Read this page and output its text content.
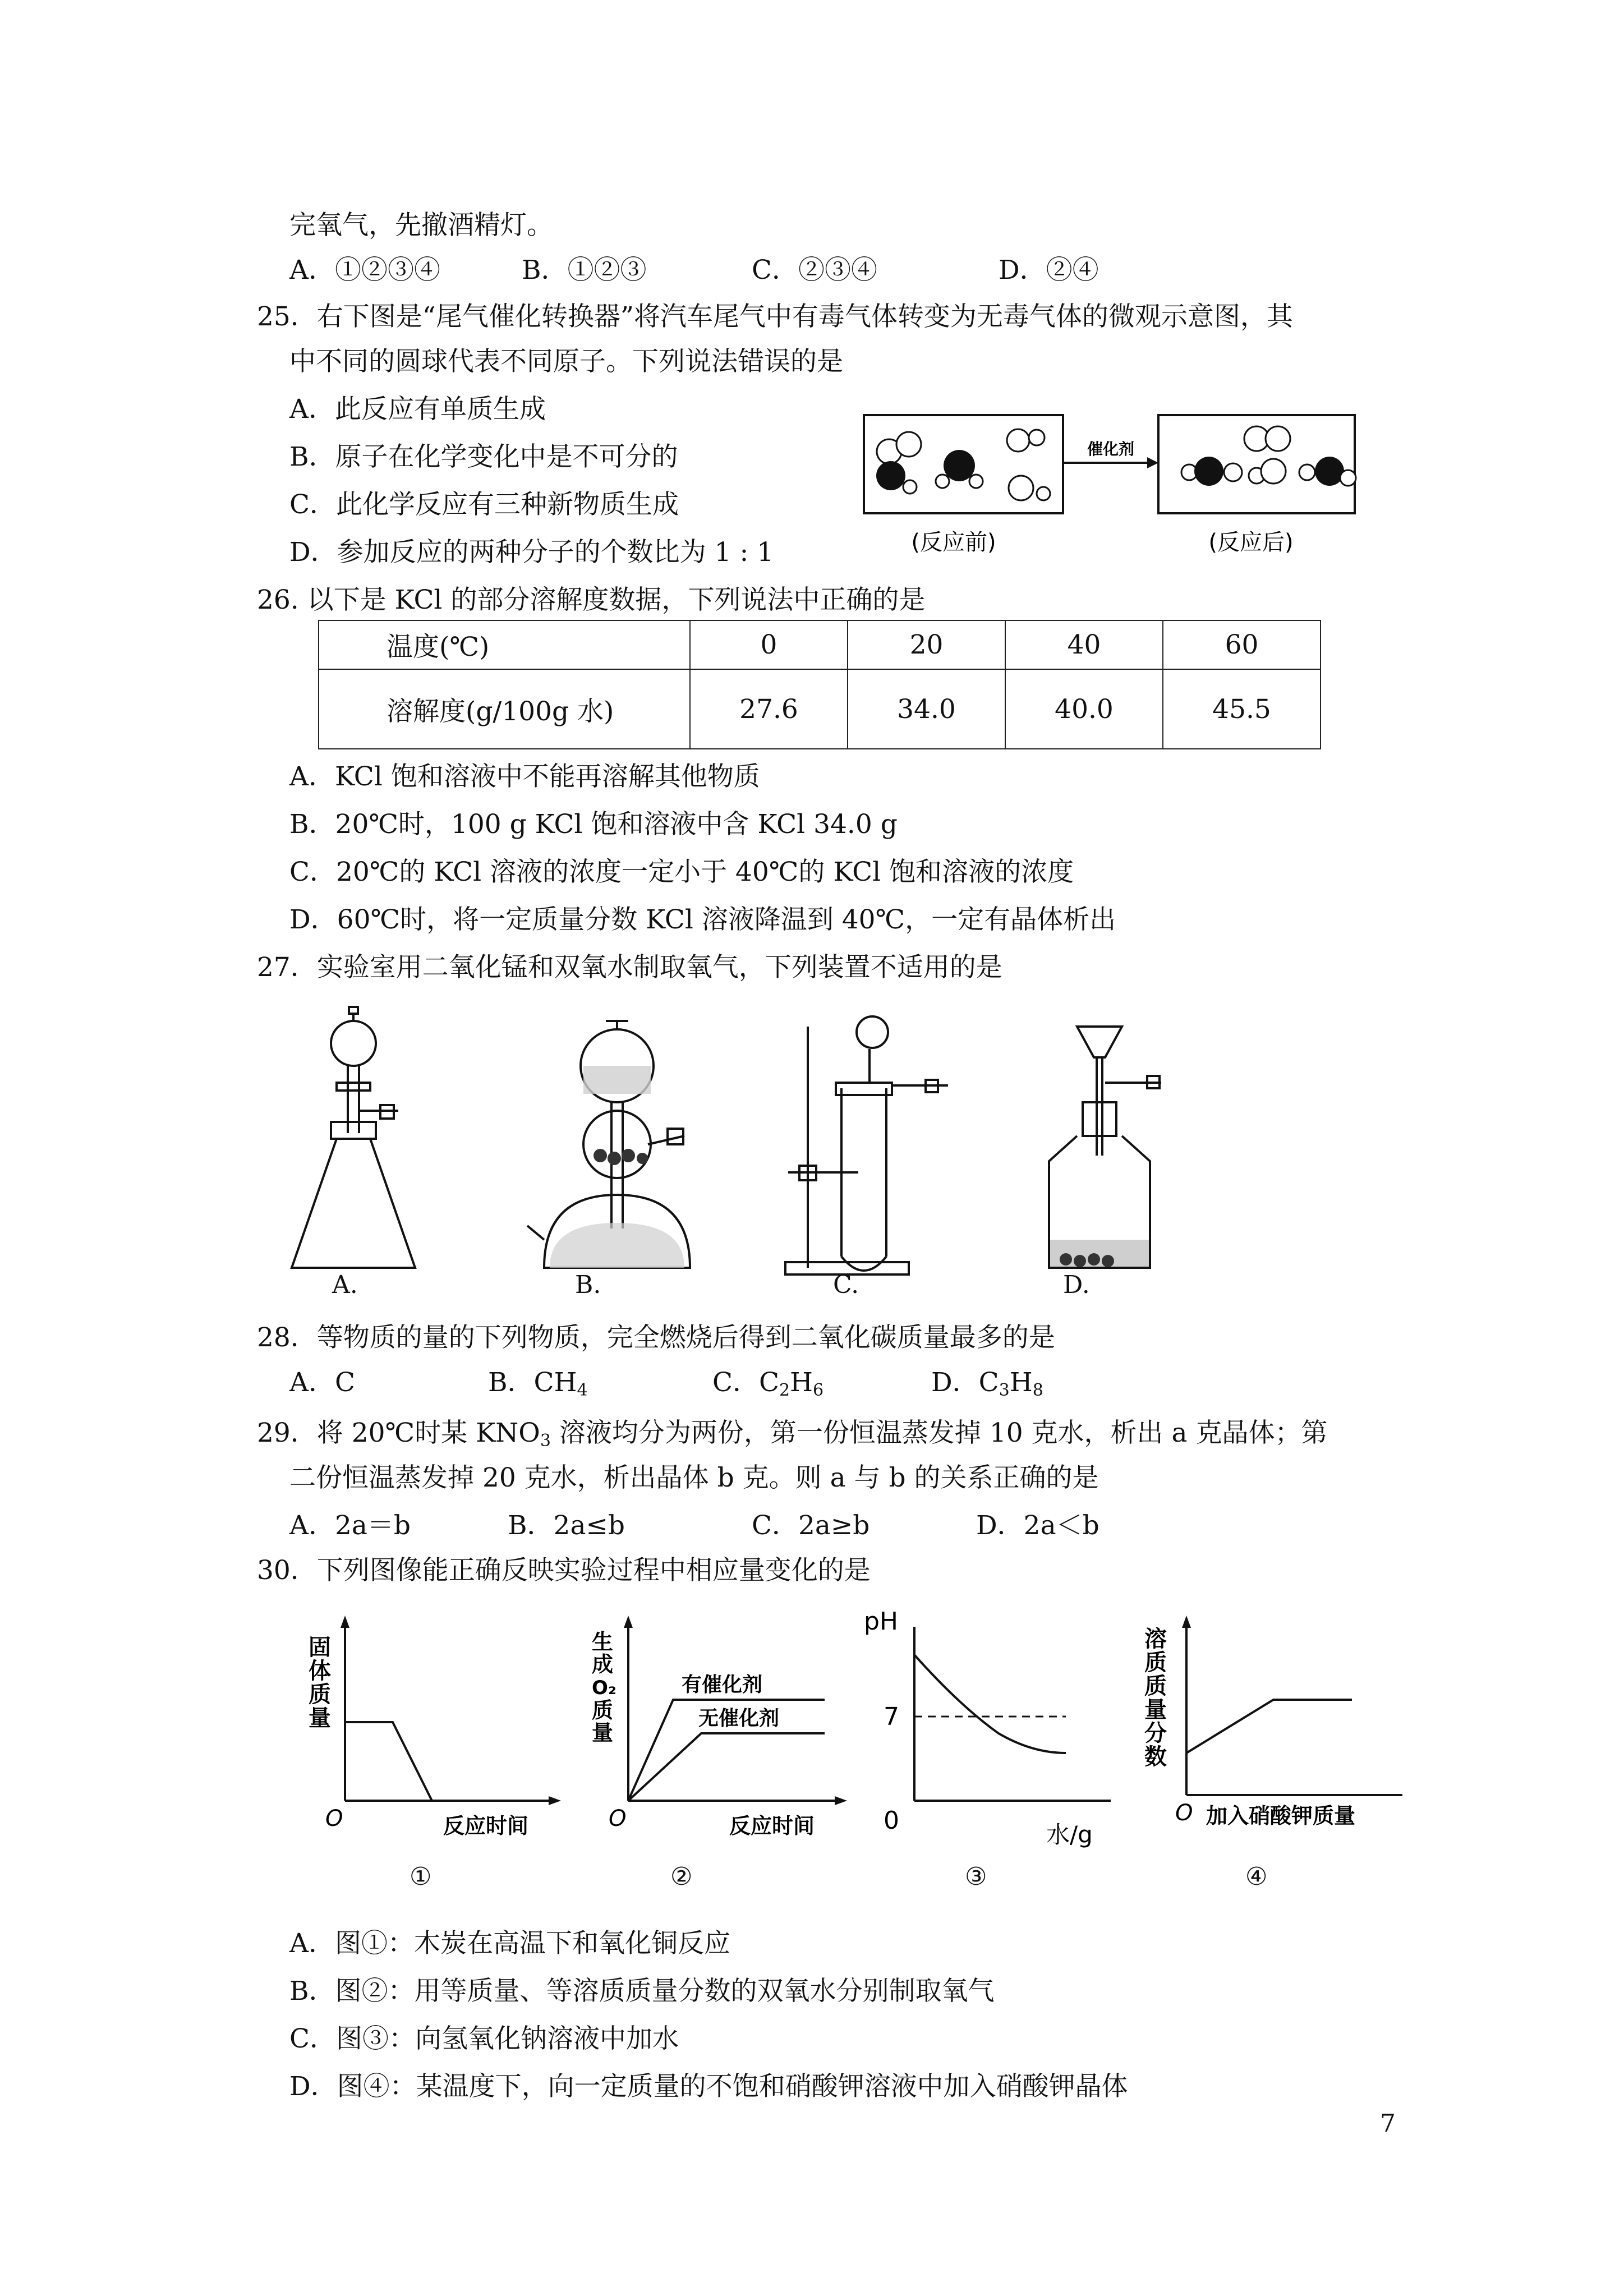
完氧气，先撤酒精灯。
A．①②③④	B．①②③	C．②③④	D．②④
25．右下图是“尾气催化转换器”将汽车尾气中有毒气体转变为无毒气体的微观示意图，其
中不同的圆球代表不同原子。下列说法错误的是
A．此反应有单质生成
B．原子在化学变化中是不可分的
C．此化学反应有三种新物质生成
D．参加反应的两种分子的个数比为 1 : 1
催化剂
(反应前)	(反应后)
26. 以下是 KCl 的部分溶解度数据，下列说法中正确的是
温度(℃)	0	20	40	60
溶解度(g/100g 水)	27.6	34.0	40.0	45.5
A．KCl 饱和溶液中不能再溶解其他物质
B．20℃时，100 g KCl 饱和溶液中含 KCl 34.0 g
C．20℃的 KCl 溶液的浓度一定小于 40℃的 KCl 饱和溶液的浓度
D．60℃时，将一定质量分数 KCl 溶液降温到 40℃，一定有晶体析出
27．实验室用二氧化锰和双氧水制取氧气，下列装置不适用的是
A.	B.	C.	D.
28．等物质的量的下列物质，完全燃烧后得到二氧化碳质量最多的是
A．C	B．$CH_4$	C．$C_2H_6$	D．$C_3H_8$
29．将 20℃时某 $KNO_3$ 溶液均分为两份，第一份恒温蒸发掉 10 克水，析出 a 克晶体；第
二份恒温蒸发掉 20 克水，析出晶体 b 克。则 a 与 b 的关系正确的是
A．2a＝b	B．2a≤b	C．2a≥b	D．2a＜b
30．下列图像能正确反映实验过程中相应量变化的是
固
体
质
量
O	反应时间
①
生
成
O₂
质
量
有催化剂
无催化剂
O	反应时间
②
pH
7
0	水/g
③
溶
质
质
量
分
数
O 加入硝酸钾质量
④
A．图①：木炭在高温下和氧化铜反应
B．图②：用等质量、等溶质质量分数的双氧水分别制取氧气
C．图③：向氢氧化钠溶液中加水
D．图④：某温度下，向一定质量的不饱和硝酸钾溶液中加入硝酸钾晶体
7
